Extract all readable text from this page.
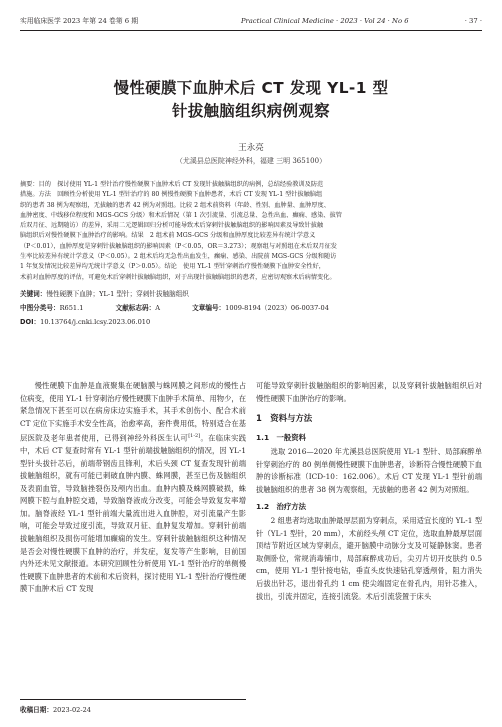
实用临床医学 2023 年第 24 卷第 6 期	Practical Clinical Medicine · 2023 · Vol 24 · No 6	· 37 ·
慢性硬膜下血肿术后 CT 发现 YL-1 型
针拔触脑组织病例观察
王永亮
（尤溪县总医院神经外科，福建 三明 365100）
摘要：目的　探讨使用 YL-1 型针治疗慢性硬膜下血肿术后 CT 发现针拔触脑组织的病例，总结经验教训及防范
措施。方法　回顾性分析使用 YL-1 型针治疗的 80 例慢性硬膜下血肿患者，术后 CT 发现 YL-1 型针拔触脑组
织的患者 38 例为观察组，无拔触的患者 42 例为对照组。比较 2 组术前资料（年龄、性别、血肿量、血肿厚度、
血肿密度、中线移位程度和 MGS-GCS 分级）和术后情况（第 1 次引流量、引流总量、急性出血、癫痫、感染、拔管
后双月征、远期随访）的差异，采用二元逻辑回归分析可能导致术后穿刺针拔触脑组织的影响因素及导致针拔触
脑组织后对慢性硬膜下血肿治疗的影响。结果　2 组术前 MGS-GCS 分级和血肿厚度比较差异有统计学意义
（P＜0.01），血肿厚度是穿刺针拔触脑组织的影响因素（P＜0.05，OR＝3.273）；观察组与对照组在术后双月征发
生率比较差异有统计学意义（P＜0.05）。2 组术后均无急性出血发生，癫痫、感染、出院前 MGS-GCS 分级和随访
1 年复发情况比较差异均无统计学意义（P＞0.05）。结论　使用 YL-1 型针穿刺治疗慢性硬膜下血肿安全性好，
术前对血肿厚度的评估，可避免术后穿刺针拔触脑组织，对于出现针拔触脑组织的患者，应密切观察术后病情变化。
关键词：慢性硬膜下血肿；YL-1 型针；穿刺针拔触脑组织
中图分类号：R651.1	文献标志码：A	文章编号：1009-8194（2023）06-0037-04
DOI：10.13764/j.cnki.lcsy.2023.06.010

慢性硬膜下血肿是血液聚集在硬脑膜与蛛网膜之间形成的慢性占位病变，使用 YL-1 针穿刺治疗慢性硬膜下血肿手术简单、用物少，在紧急情况下甚至可以在病房床边实施手术，其手术创伤小、配合术前 CT 定位下实施手术安全性高，治愈率高，套件费用低，特别适合在基层医院及老年患者使用，已得到神经外科医生认可[1-2]。在临床实践中，术后 CT 复查时常有 YL-1 型针前端拔触脑组织的情况，因 YL-1 型针头拔针芯后，前端带钢齿且锋利，术后头颈 CT 复查发现针前端拔触脑组织，就有可能已刺破血肿内膜、蛛网膜，甚至已伤及脑组织及表面血管，导致脑挫裂伤及颅内出血。血肿内膜及蛛网膜破损，蛛网膜下腔与血肿腔交通，导致脑脊液成分改变，可能会导致复发率增加。脑脊液经 YL-1 型针前端大量流出进入血肿腔，对引流量产生影响，可能会导致过度引流，导致双月征、血肿复发增加。穿刺针前端拔触脑组织及损伤可能增加癫痫的发生。穿刺针拔触脑组织这种情况是否会对慢性硬膜下血肿的治疗，并发症，复发等产生影响，目前国内外还未见文献报道。本研究回顾性分析使用 YL-1 型针治疗的单侧慢性硬膜下血肿患者的术前和术后资料，探讨使用 YL-1 型针治疗慢性硬膜下血肿术后 CT 发现

可能导致穿刺针拔触脑组织的影响因素，以及穿刺针拔触脑组织后对慢性硬膜下血肿治疗的影响。

1　资料与方法
1.1　一般资料

选取 2016—2020 年尤溪县总医院使用 YL-1 型针、局部麻醉单针穿刺治疗的 80 例单侧慢性硬膜下血肿患者，诊断符合慢性硬膜下血肿的诊断标准（ICD-10：162.006）。术后 CT 发现 YL-1 型针前端拔触脑组织的患者 38 例为观察组，无拔触的患者 42 例为对照组。

1.2　治疗方法

2 组患者均选取血肿最厚层面为穿刺点，采用适宜长度的 YL-1 型针（YL-1 型针，20 mm），术前经头颅 CT 定位，选取血肿最厚层面顶结节附近区域为穿刺点，避开脑膜中动脉分支及可疑静脉窦。患者取侧卧位，常规消毒铺巾，局部麻醉成功后，尖刃片切开皮肤约 0.5 cm，使用 YL-1 型针接电钻，垂直头皮快速钻孔穿透颅骨，阻力消失后拔出针芯，退出骨孔约 1 cm 使尖端固定在骨孔内，用针芯推入，拔出，引流并固定，连接引流袋。术后引流袋置于床头

收稿日期：2023-02-24
